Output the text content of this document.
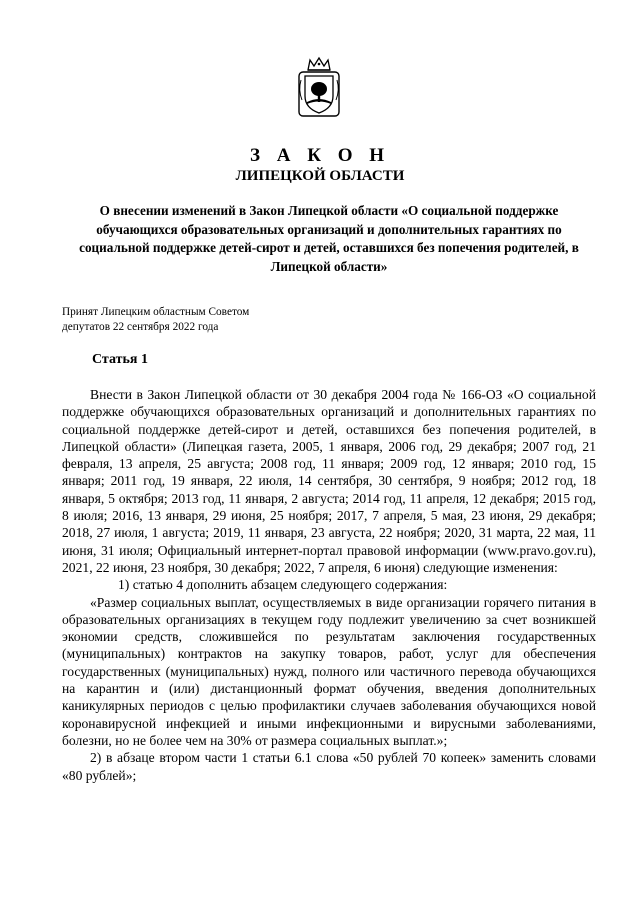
З А К О Н
ЛИПЕЦКОЙ ОБЛАСТИ
О внесении изменений в Закон Липецкой области «О социальной поддержке обучающихся образовательных организаций и дополнительных гарантиях по социальной поддержке детей-сирот и детей, оставшихся без попечения родителей, в Липецкой области»
Принят Липецким областным Советом
депутатов 22 сентября 2022 года
Статья 1

Внести в Закон Липецкой области от 30 декабря 2004 года № 166-ОЗ «О социальной поддержке обучающихся образовательных организаций и дополнительных гарантиях по социальной поддержке детей-сирот и детей, оставшихся без попечения родителей, в Липецкой области» (Липецкая газета, 2005, 1 января, 2006 год, 29 декабря; 2007 год, 21 февраля, 13 апреля, 25 августа; 2008 год, 11 января; 2009 год, 12 января; 2010 год, 15 января; 2011 год, 19 января, 22 июля, 14 сентября, 30 сентября, 9 ноября; 2012 год, 18 января, 5 октября; 2013 год, 11 января, 2 августа; 2014 год, 11 апреля, 12 декабря; 2015 год, 8 июля; 2016, 13 января, 29 июня, 25 ноября; 2017, 7 апреля, 5 мая, 23 июня, 29 декабря; 2018, 27 июля, 1 августа; 2019, 11 января, 23 августа, 22 ноября; 2020, 31 марта, 22 мая, 11 июня, 31 июля; Официальный интернет-портал правовой информации (www.pravo.gov.ru), 2021, 22 июня, 23 ноября, 30 декабря; 2022, 7 апреля, 6 июня) следующие изменения:

1) статью 4 дополнить абзацем следующего содержания:

«Размер социальных выплат, осуществляемых в виде организации горячего питания в образовательных организациях в текущем году подлежит увеличению за счет возникшей экономии средств, сложившейся по результатам заключения государственных (муниципальных) контрактов на закупку товаров, работ, услуг для обеспечения государственных (муниципальных) нужд, полного или частичного перевода обучающихся на карантин и (или) дистанционный формат обучения, введения дополнительных каникулярных периодов с целью профилактики случаев заболевания обучающихся новой коронавирусной инфекцией и иными инфекционными и вирусными заболеваниями, болезни, но не более чем на 30% от размера социальных выплат.»;

2) в абзаце втором части 1 статьи 6.1 слова «50 рублей 70 копеек» заменить словами «80 рублей»;
